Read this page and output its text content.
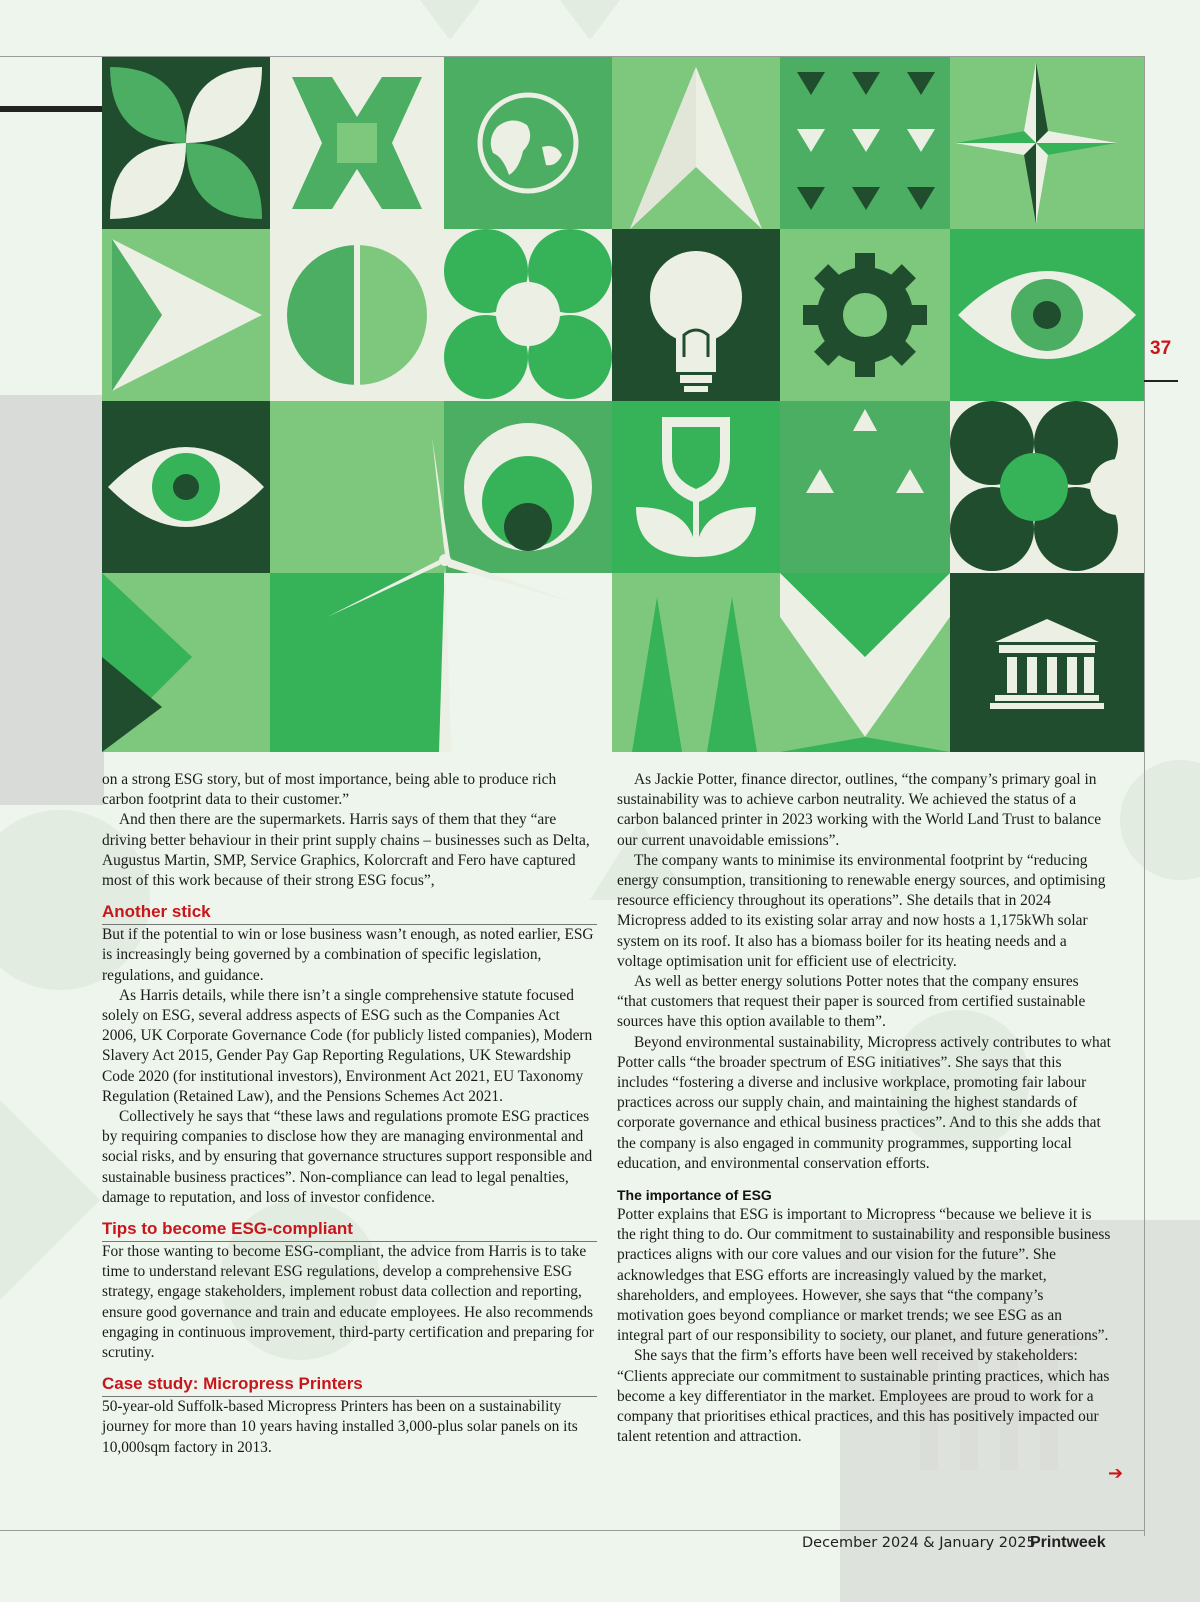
37

on a strong ESG story, but of most importance, being able to produce rich carbon footprint data to their customer.”

And then there are the supermarkets. Harris says of them that they “are driving better behaviour in their print supply chains – businesses such as Delta, Augustus Martin, SMP, Service Graphics, Kolorcraft and Fero have captured most of this work because of their strong ESG focus”,

Another stick

But if the potential to win or lose business wasn’t enough, as noted earlier, ESG is increasingly being governed by a combination of specific legislation, regulations, and guidance.

As Harris details, while there isn’t a single comprehensive statute focused solely on ESG, several address aspects of ESG such as the Companies Act 2006, UK Corporate Governance Code (for publicly listed companies), Modern Slavery Act 2015, Gender Pay Gap Reporting Regulations, UK Stewardship Code 2020 (for institutional investors), Environment Act 2021, EU Taxonomy Regulation (Retained Law), and the Pensions Schemes Act 2021.

Collectively he says that “these laws and regulations promote ESG practices by requiring companies to disclose how they are managing environmental and social risks, and by ensuring that governance structures support responsible and sustainable business practices”. Non-compliance can lead to legal penalties, damage to reputation, and loss of investor confidence.

Tips to become ESG-compliant

For those wanting to become ESG-compliant, the advice from Harris is to take time to understand relevant ESG regulations, develop a comprehensive ESG strategy, engage stakeholders, implement robust data collection and reporting, ensure good governance and train and educate employees. He also recommends engaging in continuous improvement, third-party certification and preparing for scrutiny.

Case study: Micropress Printers

50-year-old Suffolk-based Micropress Printers has been on a sustainability journey for more than 10 years having installed 3,000-plus solar panels on its 10,000sqm factory in 2013.

As Jackie Potter, finance director, outlines, “the company’s primary goal in sustainability was to achieve carbon neutrality. We achieved the status of a carbon balanced printer in 2023 working with the World Land Trust to balance our current unavoidable emissions”.

The company wants to minimise its environmental footprint by “reducing energy consumption, transitioning to renewable energy sources, and optimising resource efficiency throughout its operations”. She details that in 2024 Micropress added to its existing solar array and now hosts a 1,175kWh solar system on its roof. It also has a biomass boiler for its heating needs and a voltage optimisation unit for efficient use of electricity.

As well as better energy solutions Potter notes that the company ensures “that customers that request their paper is sourced from certified sustainable sources have this option available to them”.

Beyond environmental sustainability, Micropress actively contributes to what Potter calls “the broader spectrum of ESG initiatives”. She says that this includes “fostering a diverse and inclusive workplace, promoting fair labour practices across our supply chain, and maintaining the highest standards of corporate governance and ethical business practices”. And to this she adds that the company is also engaged in community programmes, supporting local education, and environmental conservation efforts.

The importance of ESG

Potter explains that ESG is important to Micropress “because we believe it is the right thing to do. Our commitment to sustainability and responsible business practices aligns with our core values and our vision for the future”. She acknowledges that ESG efforts are increasingly valued by the market, shareholders, and employees. However, she says that “the company’s motivation goes beyond compliance or market trends; we see ESG as an integral part of our responsibility to society, our planet, and future generations”.

She says that the firm’s efforts have been well received by stakeholders: “Clients appreciate our commitment to sustainable printing practices, which has become a key differentiator in the market. Employees are proud to work for a company that prioritises ethical practices, and this has positively impacted our talent retention and attraction.

➔
December 2024 & January 2025
Printweek
